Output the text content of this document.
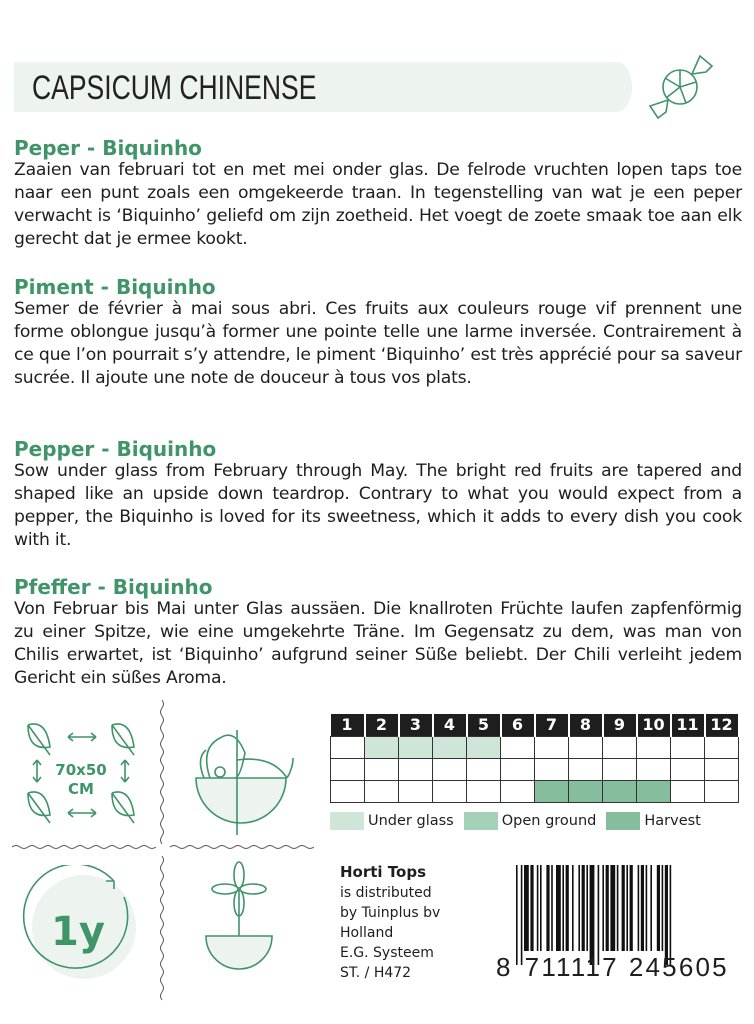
CAPSICUM CHINENSE
Peper - Biquinho

Zaaien van februari tot en met mei onder glas. De felrode vruchten lopen taps toe naar een punt zoals een omgekeerde traan. In tegenstelling van wat je een peper verwacht is ‘Biquinho’ geliefd om zijn zoetheid. Het voegt de zoete smaak toe aan elk gerecht dat je ermee kookt.

Piment - Biquinho

Semer de février à mai sous abri. Ces fruits aux couleurs rouge vif prennent une forme oblongue jusqu’à former une pointe telle une larme inversée. Contrairement à ce que l’on pourrait s’y attendre, le piment ‘Biquinho’ est très apprécié pour sa saveur sucrée. Il ajoute une note de douceur à tous vos plats.

Pepper - Biquinho

Sow under glass from February through May. The bright red fruits are tapered and shaped like an upside down teardrop. Contrary to what you would expect from a pepper, the Biquinho is loved for its sweetness, which it adds to every dish you cook with it.

Pfeffer - Biquinho

Von Februar bis Mai unter Glas aussäen. Die knallroten Früchte laufen zapfenförmig zu einer Spitze, wie eine umgekehrte Träne. Im Gegensatz zu dem, was man von Chilis erwartet, ist ‘Biquinho’ aufgrund seiner Süße beliebt. Der Chili verleiht jedem Gericht ein süßes Aroma.

70x50
CM
1y
1	2	3	4	5	6	7	8	9	10	11	12

Under glass	Open ground	Harvest
Horti Tops
is distributed
by Tuinplus bv
Holland
E.G. Systeem
ST. / H472	8 711117 245605
